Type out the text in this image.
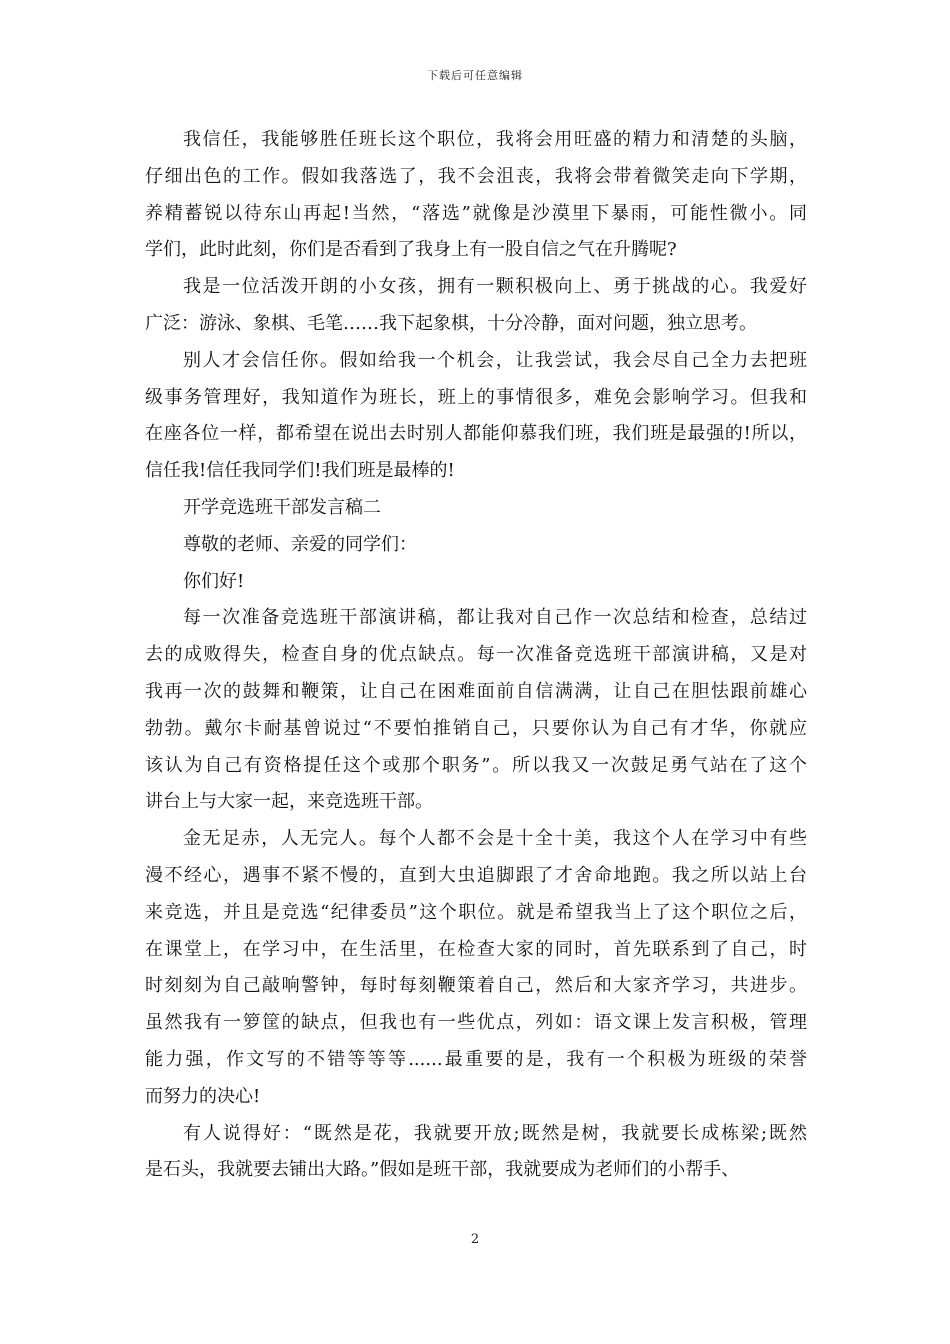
下载后可任意编辑
我信任，我能够胜任班长这个职位，我将会用旺盛的精力和清楚的头脑，
仔细出色的工作。假如我落选了，我不会沮丧，我将会带着微笑走向下学期，
养精蓄锐以待东山再起!当然，“落选”就像是沙漠里下暴雨，可能性微小。同
学们，此时此刻，你们是否看到了我身上有一股自信之气在升腾呢?
我是一位活泼开朗的小女孩，拥有一颗积极向上、勇于挑战的心。我爱好
广泛：游泳、象棋、毛笔……我下起象棋，十分冷静，面对问题，独立思考。
别人才会信任你。假如给我一个机会，让我尝试，我会尽自己全力去把班
级事务管理好，我知道作为班长，班上的事情很多，难免会影响学习。但我和
在座各位一样，都希望在说出去时别人都能仰慕我们班，我们班是最强的!所以，
信任我!信任我同学们!我们班是最棒的!
开学竞选班干部发言稿二
尊敬的老师、亲爱的同学们：
你们好!
每一次准备竞选班干部演讲稿，都让我对自己作一次总结和检查，总结过
去的成败得失，检查自身的优点缺点。每一次准备竞选班干部演讲稿，又是对
我再一次的鼓舞和鞭策，让自己在困难面前自信满满，让自己在胆怯跟前雄心
勃勃。戴尔卡耐基曾说过“不要怕推销自己，只要你认为自己有才华，你就应
该认为自己有资格提任这个或那个职务”。所以我又一次鼓足勇气站在了这个
讲台上与大家一起，来竞选班干部。
金无足赤，人无完人。每个人都不会是十全十美，我这个人在学习中有些
漫不经心，遇事不紧不慢的，直到大虫追脚跟了才舍命地跑。我之所以站上台
来竞选，并且是竞选“纪律委员”这个职位。就是希望我当上了这个职位之后，
在课堂上，在学习中，在生活里，在检查大家的同时，首先联系到了自己，时
时刻刻为自己敲响警钟，每时每刻鞭策着自己，然后和大家齐学习，共进步。
虽然我有一箩筐的缺点，但我也有一些优点，列如：语文课上发言积极，管理
能力强，作文写的不错等等等......最重要的是，我有一个积极为班级的荣誉
而努力的决心!
有人说得好：“既然是花，我就要开放;既然是树，我就要长成栋梁;既然
是石头，我就要去铺出大路。”假如是班干部，我就要成为老师们的小帮手、
2
